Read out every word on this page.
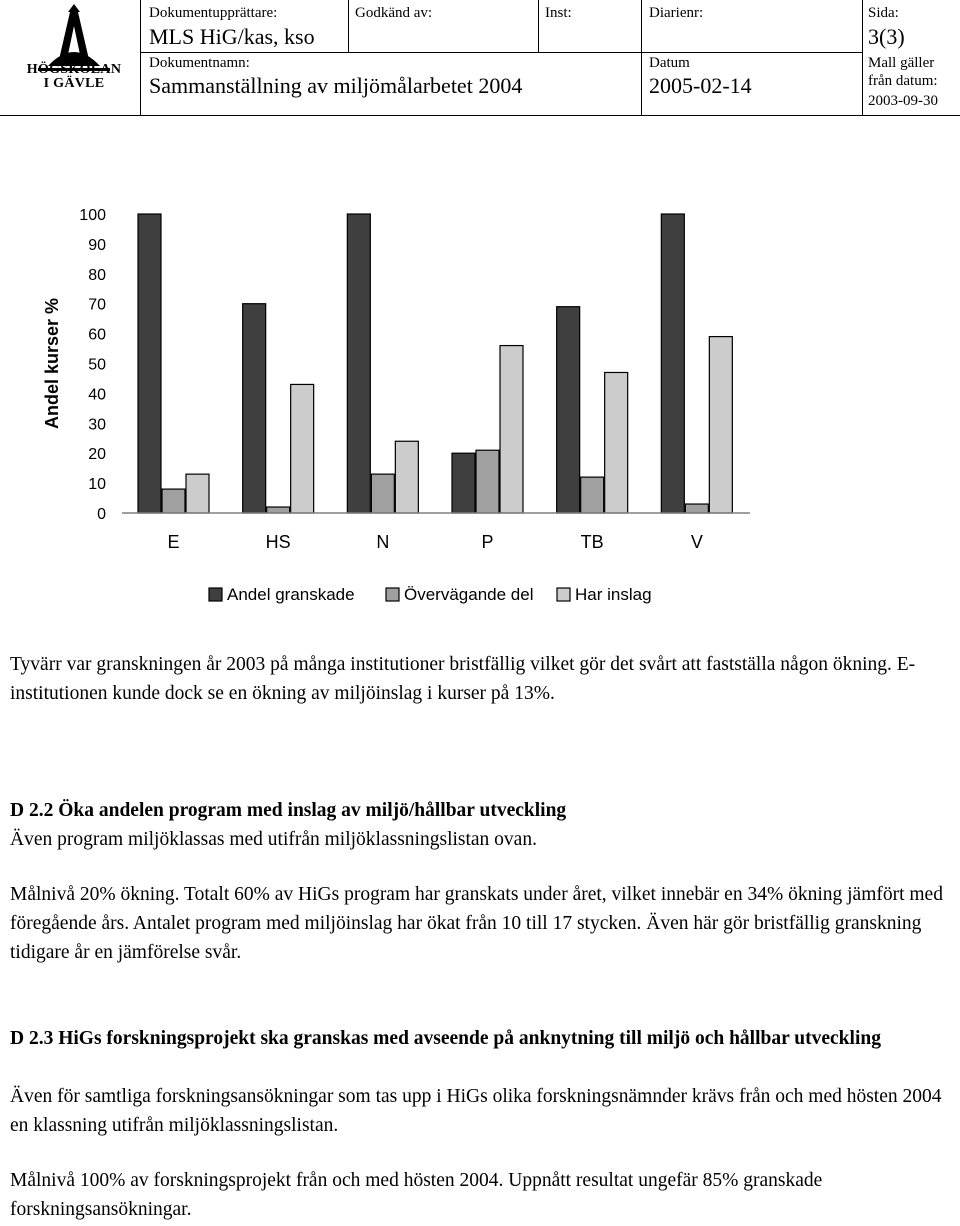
HÖGSKOLAN
I GÄVLE
Dokumentupprättare:
MLS HiG/kas, kso
Godkänd av:	Inst:	Diarienr:	Sida:
3(3)
Dokumentnamn:
Sammanställning av miljömålarbetet 2004
Datum
2005-02-14
Mall gäller
från datum:
2003-09-30
Andel kurser %
0
10
20
30
40
50
60
70
80
90
100
E	HS	N	P	TB	V
Andel granskade	Övervägande del Har inslag

Tyvärr var granskningen år 2003 på många institutioner bristfällig vilket gör det svårt att fastställa någon ökning. E-institutionen kunde dock se en ökning av miljöinslag i kurser på 13%.

D 2.2 Öka andelen program med inslag av miljö/hållbar utveckling

Även program miljöklassas med utifrån miljöklassningslistan ovan.

Målnivå 20% ökning. Totalt 60% av HiGs program har granskats under året, vilket innebär en 34% ökning jämfört med föregående års. Antalet program med miljöinslag har ökat från 10 till 17 stycken. Även här gör bristfällig granskning tidigare år en jämförelse svår.

D 2.3 HiGs forskningsprojekt ska granskas med avseende på anknytning till miljö och hållbar utveckling

Även för samtliga forskningsansökningar som tas upp i HiGs olika forskningsnämnder krävs från och med hösten 2004 en klassning utifrån miljöklassningslistan.

Målnivå 100% av forskningsprojekt från och med hösten 2004. Uppnått resultat ungefär 85% granskade forskningsansökningar.
